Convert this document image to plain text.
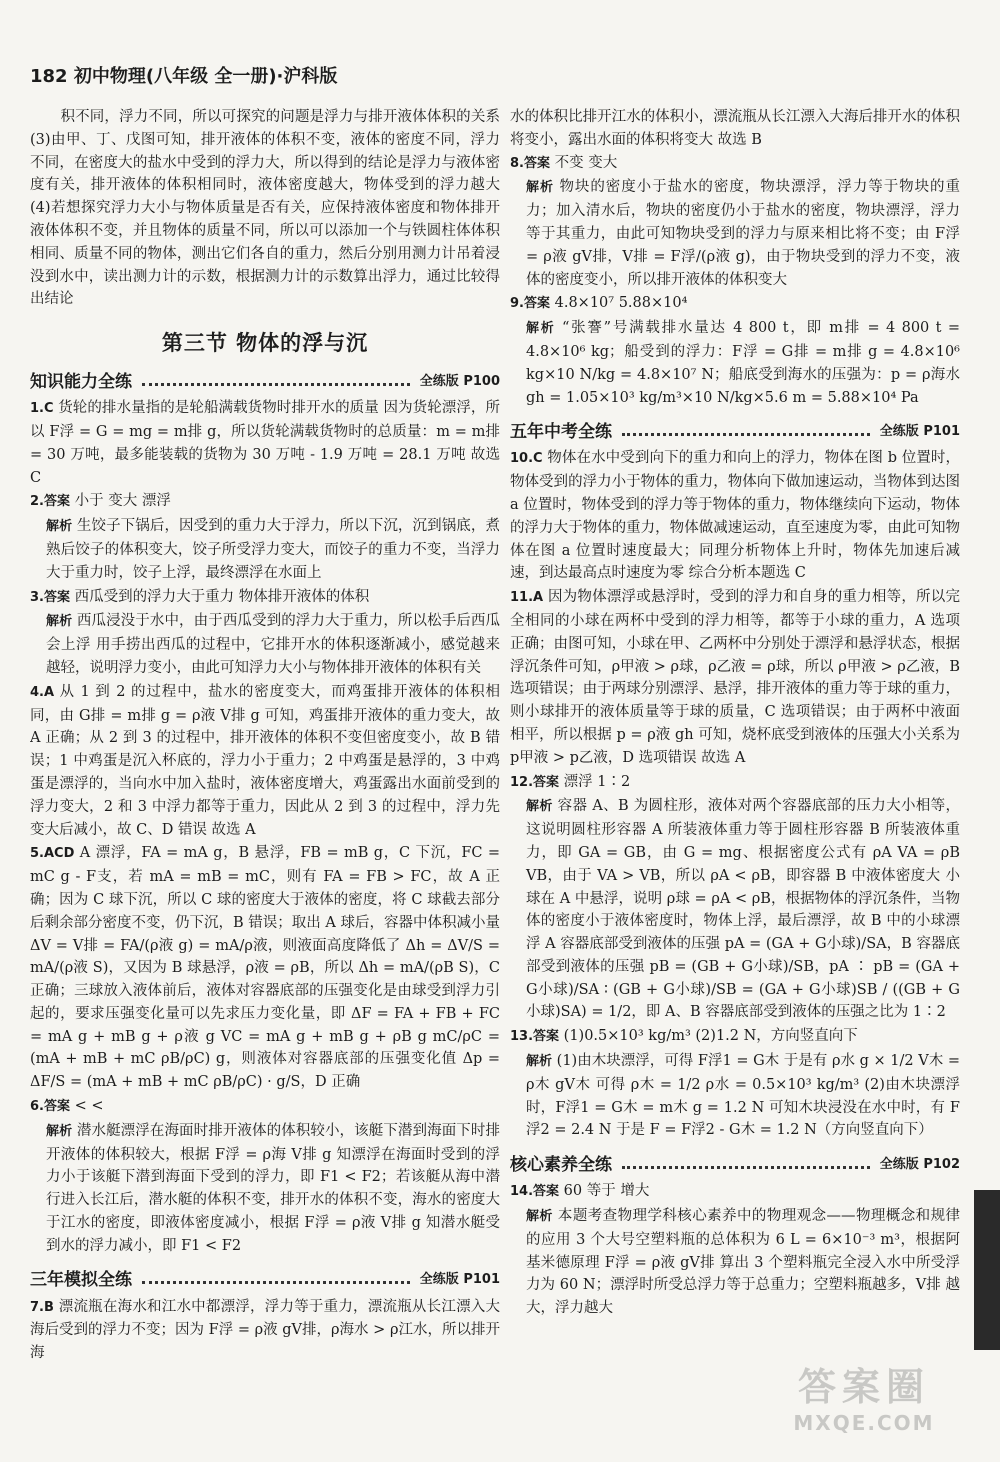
182 初中物理(八年级 全一册)·沪科版

积不同，浮力不同，所以可探究的问题是浮力与排开液体体积的关系 (3)由甲、丁、戊图可知，排开液体的体积不变，液体的密度不同，浮力不同，在密度大的盐水中受到的浮力大，所以得到的结论是浮力与液体密度有关，排开液体的体积相同时，液体密度越大，物体受到的浮力越大 (4)若想探究浮力大小与物体质量是否有关，应保持液体密度和物体排开液体体积不变，并且物体的质量不同，所以可以添加一个与铁圆柱体体积相同、质量不同的物体，测出它们各自的重力，然后分别用测力计吊着浸没到水中，读出测力计的示数，根据测力计的示数算出浮力，通过比较得出结论

第三节 物体的浮与沉
知识能力全练	全练版 P100

1.C 货轮的排水量指的是轮船满载货物时排开水的质量 因为货轮漂浮，所以 F浮 = G = mg = m排 g，所以货轮满载货物时的总质量：m = m排 = 30 万吨，最多能装载的货物为 30 万吨 - 1.9 万吨 = 28.1 万吨 故选 C

2.答案 小于 变大 漂浮

解析 生饺子下锅后，因受到的重力大于浮力，所以下沉，沉到锅底，煮熟后饺子的体积变大，饺子所受浮力变大，而饺子的重力不变，当浮力大于重力时，饺子上浮，最终漂浮在水面上

3.答案 西瓜受到的浮力大于重力 物体排开液体的体积

解析 西瓜浸没于水中，由于西瓜受到的浮力大于重力，所以松手后西瓜会上浮 用手捞出西瓜的过程中，它排开水的体积逐渐减小，感觉越来越轻，说明浮力变小，由此可知浮力大小与物体排开液体的体积有关

4.A 从 1 到 2 的过程中，盐水的密度变大，而鸡蛋排开液体的体积相同，由 G排 = m排 g = ρ液 V排 g 可知，鸡蛋排开液体的重力变大，故 A 正确；从 2 到 3 的过程中，排开液体的体积不变但密度变小，故 B 错误；1 中鸡蛋是沉入杯底的，浮力小于重力；2 中鸡蛋是悬浮的，3 中鸡蛋是漂浮的，当向水中加入盐时，液体密度增大，鸡蛋露出水面前受到的浮力变大，2 和 3 中浮力都等于重力，因此从 2 到 3 的过程中，浮力先变大后减小，故 C、D 错误 故选 A

5.ACD A 漂浮，FA = mA g，B 悬浮，FB = mB g，C 下沉，FC = mC g - F支，若 mA = mB = mC，则有 FA = FB > FC，故 A 正确；因为 C 球下沉，所以 C 球的密度大于液体的密度，将 C 球截去部分后剩余部分密度不变，仍下沉，B 错误；取出 A 球后，容器中体积减小量 ΔV = V排 = FA/(ρ液 g) = mA/ρ液，则液面高度降低了 Δh = ΔV/S = mA/(ρ液 S)，又因为 B 球悬浮，ρ液 = ρB，所以 Δh = mA/(ρB S)，C 正确；三球放入液体前后，液体对容器底部的压强变化是由球受到浮力引起的，要求压强变化量可以先求压力变化量，即 ΔF = FA + FB + FC = mA g + mB g + ρ液 g VC = mA g + mB g + ρB g mC/ρC = (mA + mB + mC ρB/ρC) g，则液体对容器底部的压强变化值 Δp = ΔF/S = (mA + mB + mC ρB/ρC) · g/S，D 正确

6.答案 < <

解析 潜水艇漂浮在海面时排开液体的体积较小，该艇下潜到海面下时排开液体的体积较大，根据 F浮 = ρ海 V排 g 知漂浮在海面时受到的浮力小于该艇下潜到海面下受到的浮力，即 F1 < F2；若该艇从海中潜行进入长江后，潜水艇的体积不变，排开水的体积不变，海水的密度大于江水的密度，即液体密度减小，根据 F浮 = ρ液 V排 g 知潜水艇受到水的浮力减小，即 F1 < F2

三年模拟全练	全练版 P101

7.B 漂流瓶在海水和江水中都漂浮，浮力等于重力，漂流瓶从长江漂入大海后受到的浮力不变；因为 F浮 = ρ液 gV排，ρ海水 > ρ江水，所以排开海

水的体积比排开江水的体积小，漂流瓶从长江漂入大海后排开水的体积将变小，露出水面的体积将变大 故选 B

8.答案 不变 变大

解析 物块的密度小于盐水的密度，物块漂浮，浮力等于物块的重力；加入清水后，物块的密度仍小于盐水的密度，物块漂浮，浮力等于其重力，由此可知物块受到的浮力与原来相比将不变；由 F浮 = ρ液 gV排，V排 = F浮/(ρ液 g)，由于物块受到的浮力不变，液体的密度变小，所以排开液体的体积变大

9.答案 4.8×10⁷ 5.88×10⁴

解析 “张謇”号满载排水量达 4 800 t，即 m排 = 4 800 t = 4.8×10⁶ kg；船受到的浮力：F浮 = G排 = m排 g = 4.8×10⁶ kg×10 N/kg = 4.8×10⁷ N；船底受到海水的压强为：p = ρ海水 gh = 1.05×10³ kg/m³×10 N/kg×5.6 m = 5.88×10⁴ Pa

五年中考全练	全练版 P101

10.C 物体在水中受到向下的重力和向上的浮力，物体在图 b 位置时，物体受到的浮力小于物体的重力，物体向下做加速运动，当物体到达图 a 位置时，物体受到的浮力等于物体的重力，物体继续向下运动，物体的浮力大于物体的重力，物体做减速运动，直至速度为零，由此可知物体在图 a 位置时速度最大；同理分析物体上升时，物体先加速后减速，到达最高点时速度为零 综合分析本题选 C

11.A 因为物体漂浮或悬浮时，受到的浮力和自身的重力相等，所以完全相同的小球在两杯中受到的浮力相等，都等于小球的重力，A 选项正确；由图可知，小球在甲、乙两杯中分别处于漂浮和悬浮状态，根据浮沉条件可知，ρ甲液 > ρ球，ρ乙液 = ρ球，所以 ρ甲液 > ρ乙液，B 选项错误；由于两球分别漂浮、悬浮，排开液体的重力等于球的重力，则小球排开的液体质量等于球的质量，C 选项错误；由于两杯中液面相平，所以根据 p = ρ液 gh 可知，烧杯底受到液体的压强大小关系为 p甲液 > p乙液，D 选项错误 故选 A

12.答案 漂浮 1∶2

解析 容器 A、B 为圆柱形，液体对两个容器底部的压力大小相等，这说明圆柱形容器 A 所装液体重力等于圆柱形容器 B 所装液体重力，即 GA = GB，由 G = mg、根据密度公式有 ρA VA = ρB VB，由于 VA > VB，所以 ρA < ρB，即容器 B 中液体密度大 小球在 A 中悬浮，说明 ρ球 = ρA < ρB，根据物体的浮沉条件，当物体的密度小于液体密度时，物体上浮，最后漂浮，故 B 中的小球漂浮 A 容器底部受到液体的压强 pA = (GA + G小球)/SA，B 容器底部受到液体的压强 pB = (GB + G小球)/SB，pA ∶ pB = (GA + G小球)/SA ∶ (GB + G小球)/SB = (GA + G小球)SB / ((GB + G小球)SA) = 1/2，即 A、B 容器底部受到液体的压强之比为 1∶2

13.答案 (1)0.5×10³ kg/m³ (2)1.2 N，方向竖直向下

解析 (1)由木块漂浮，可得 F浮1 = G木 于是有 ρ水 g × 1/2 V木 = ρ木 gV木 可得 ρ木 = 1/2 ρ水 = 0.5×10³ kg/m³ (2)由木块漂浮时，F浮1 = G木 = m木 g = 1.2 N 可知木块浸没在水中时，有 F浮2 = 2.4 N 于是 F = F浮2 - G木 = 1.2 N（方向竖直向下）

核心素养全练	全练版 P102

14.答案 60 等于 增大

解析 本题考查物理学科核心素养中的物理观念——物理概念和规律的应用 3 个大号空塑料瓶的总体积为 6 L = 6×10⁻³ m³，根据阿基米德原理 F浮 = ρ液 gV排 算出 3 个塑料瓶完全浸入水中所受浮力为 60 N；漂浮时所受总浮力等于总重力；空塑料瓶越多，V排 越大，浮力越大

答案圈
MXQE.COM
